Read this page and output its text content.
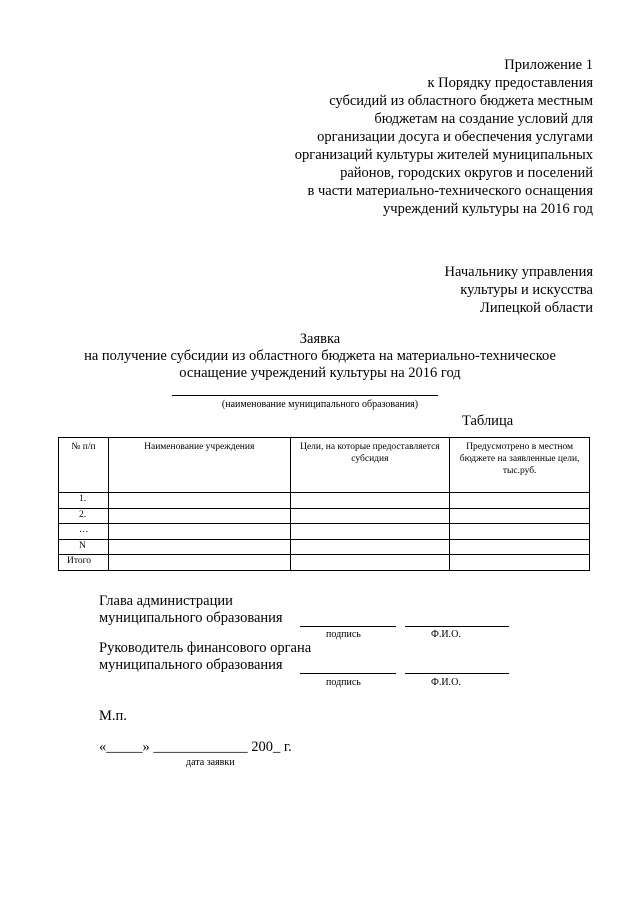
Приложение 1
к Порядку предоставления
субсидий из областного бюджета местным
бюджетам на создание условий для
организации досуга и обеспечения услугами
организаций культуры жителей муниципальных
районов, городских округов и поселений
в части материально-технического оснащения
учреждений культуры на 2016 год
Начальнику управления
культуры и искусства
Липецкой области
Заявка
на получение субсидии из областного бюджета на материально-техническое
оснащение учреждений культуры на 2016 год
(наименование муниципального образования)
Таблица
№ п/п	Наименование учреждения	Цели, на которые предоставляется субсидия	Предусмотрено в местном бюджете на заявленные цели, тыс.руб.
1.			
2.			
…			
N			
Итого			
Глава администрации
муниципального образования
подпись	Ф.И.О.
Руководитель финансового органа
муниципального образования
подпись	Ф.И.О.
М.п.
«_____» _____________ 200_ г.
дата заявки
